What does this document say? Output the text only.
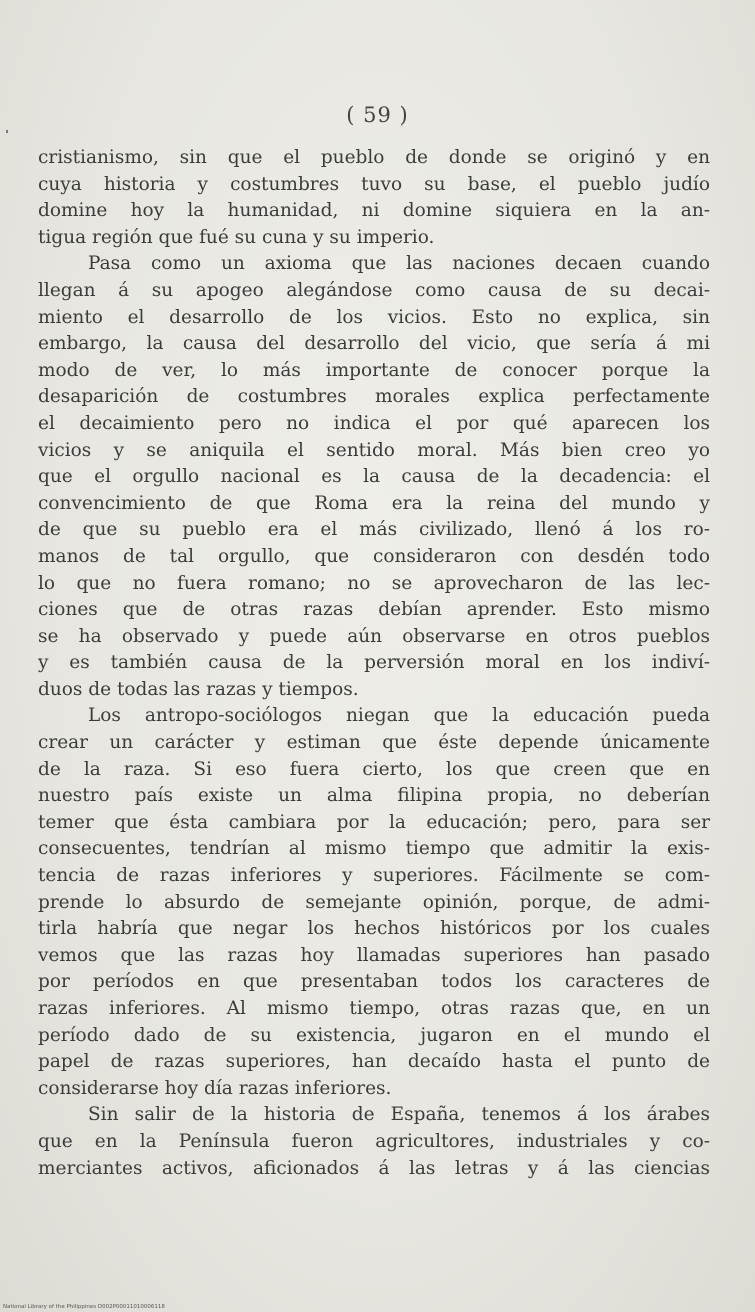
( 59 )
cristianismo, sin que el pueblo de donde se originó y en
cuya historia y costumbres tuvo su base, el pueblo judío
domine hoy la humanidad, ni domine siquiera en la an-
tigua región que fué su cuna y su imperio.
Pasa como un axioma que las naciones decaen cuando
llegan á su apogeo alegándose como causa de su decai-
miento el desarrollo de los vicios. Esto no explica, sin
embargo, la causa del desarrollo del vicio, que sería á mi
modo de ver, lo más importante de conocer porque la
desaparición de costumbres morales explica perfectamente
el decaimiento pero no indica el por qué aparecen los
vicios y se aniquila el sentido moral. Más bien creo yo
que el orgullo nacional es la causa de la decadencia: el
convencimiento de que Roma era la reina del mundo y
de que su pueblo era el más civilizado, llenó á los ro-
manos de tal orgullo, que consideraron con desdén todo
lo que no fuera romano; no se aprovecharon de las lec-
ciones que de otras razas debían aprender. Esto mismo
se ha observado y puede aún observarse en otros pueblos
y es también causa de la perversión moral en los indiví-
duos de todas las razas y tiempos.
Los antropo-sociólogos niegan que la educación pueda
crear un carácter y estiman que éste depende únicamente
de la raza. Si eso fuera cierto, los que creen que en
nuestro país existe un alma filipina propia, no deberían
temer que ésta cambiara por la educación; pero, para ser
consecuentes, tendrían al mismo tiempo que admitir la exis-
tencia de razas inferiores y superiores. Fácilmente se com-
prende lo absurdo de semejante opinión, porque, de admi-
tirla habría que negar los hechos históricos por los cuales
vemos que las razas hoy llamadas superiores han pasado
por períodos en que presentaban todos los caracteres de
razas inferiores. Al mismo tiempo, otras razas que, en un
período dado de su existencia, jugaron en el mundo el
papel de razas superiores, han decaído hasta el punto de
considerarse hoy día razas inferiores.
Sin salir de la historia de España, tenemos á los árabes
que en la Península fueron agricultores, industriales y co-
merciantes activos, aficionados á las letras y á las ciencias
National Library of the Philippines D002P00011010006118
